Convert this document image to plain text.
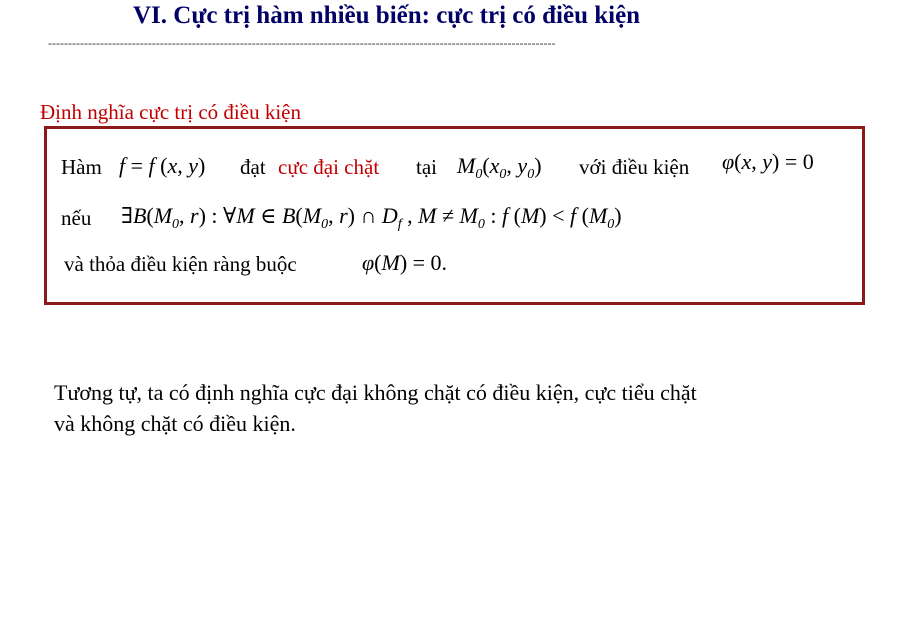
VI. Cực trị hàm nhiều biến: cực trị có điều kiện
-------------------------------------------------------------------------------------------------------------------------------
Định nghĩa cực trị có điều kiện
Hàm f = f (x, y) đạt cực đại chặt tại $M_0(x_0$, $y_0$) với điều kiện φ(x, y) = 0
nếu $\exists B(M_0$, r) : ∀M ∈ $B(M_0$, r) ∩ $D_f$ , $M \ne M_0$ : f (M) < f $(M_0)$
và thỏa điều kiện ràng buộc	φ(M) = 0.
Tương tự, ta có định nghĩa cực đại không chặt có điều kiện, cực tiểu chặt
và không chặt có điều kiện.
